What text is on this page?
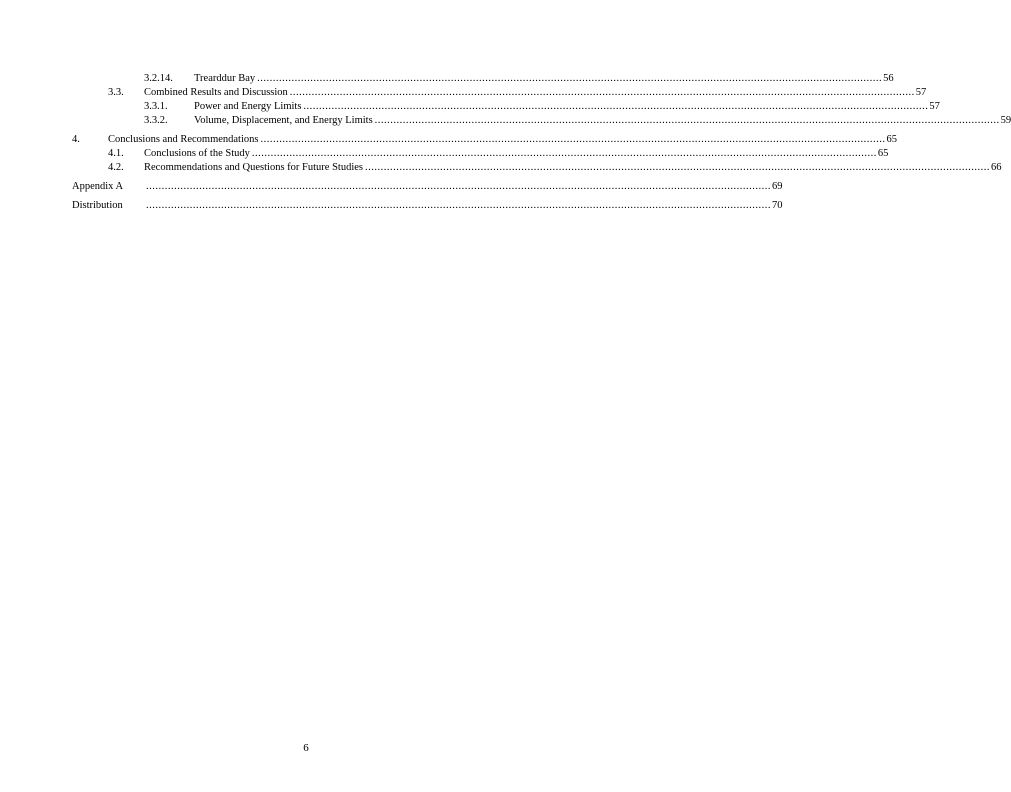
3.2.14. Trearddur Bay ........................................................................................................................................................................................................ 56
3.3. Combined Results and Discussion ........................................................................................................................................................................................................ 57
3.3.1.	Power and Energy Limits ........................................................................................................................................................................................................ 57
3.3.2.	Volume, Displacement, and Energy Limits ........................................................................................................................................................................................................ 59
4.	Conclusions and Recommendations ........................................................................................................................................................................................................ 65
4.1. Conclusions of the Study ........................................................................................................................................................................................................ 65
4.2. Recommendations and Questions for Future Studies ........................................................................................................................................................................................................ 66
Appendix A ........................................................................................................................................................................................................ 69
Distribution ........................................................................................................................................................................................................ 70
6
